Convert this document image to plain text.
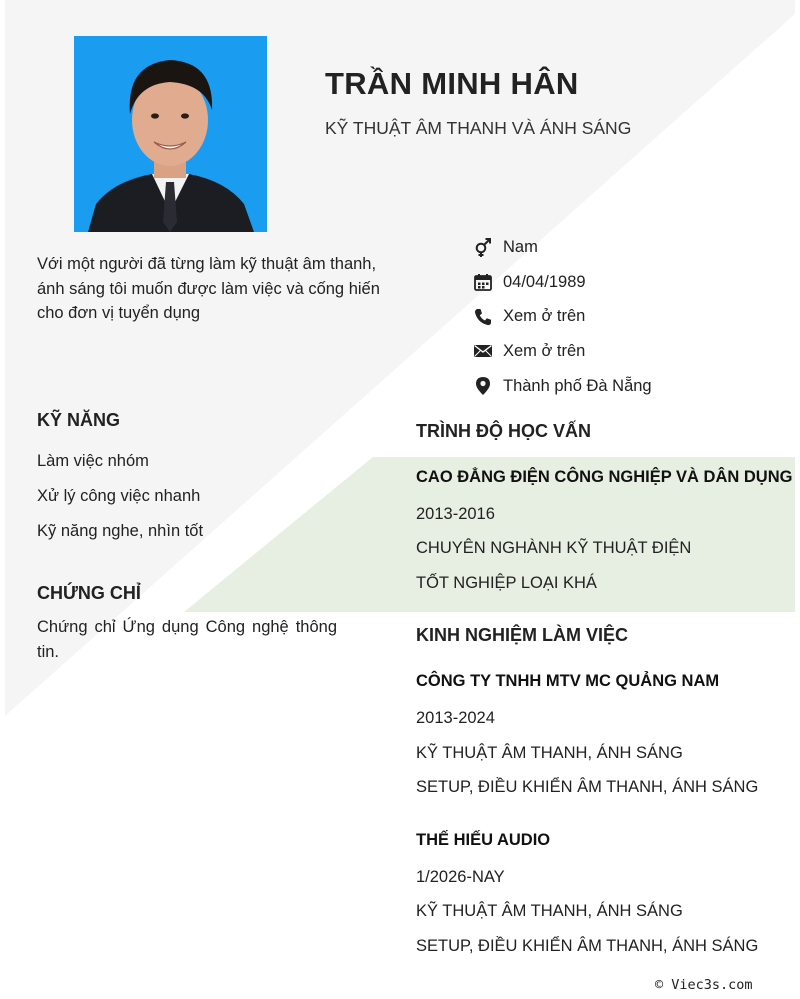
TRẦN MINH HÂN
KỸ THUẬT ÂM THANH VÀ ÁNH SÁNG
Với một người đã từng làm kỹ thuật âm thanh, ánh sáng tôi muốn được làm việc và cống hiến cho đơn vị tuyển dụng
Nam
04/04/1989
Xem ở trên
Xem ở trên
Thành phố Đà Nẵng
KỸ NĂNG
Làm việc nhóm
Xử lý công việc nhanh
Kỹ năng nghe, nhìn tốt
CHỨNG CHỈ
Chứng chỉ Ứng dụng Công nghệ thông tin.
TRÌNH ĐỘ HỌC VẤN
CAO ĐẲNG ĐIỆN CÔNG NGHIỆP VÀ DÂN DỤNG
2013-2016
CHUYÊN NGHÀNH KỸ THUẬT ĐIỆN
TỐT NGHIỆP LOẠI KHÁ
KINH NGHIỆM LÀM VIỆC
CÔNG TY TNHH MTV MC QUẢNG NAM
2013-2024
KỸ THUẬT ÂM THANH, ÁNH SÁNG
SETUP, ĐIỀU KHIỂN ÂM THANH, ÁNH SÁNG
THẾ HIẾU AUDIO
1/2026-NAY
KỸ THUẬT ÂM THANH, ÁNH SÁNG
SETUP, ĐIỀU KHIỂN ÂM THANH, ÁNH SÁNG
© Viec3s.com
